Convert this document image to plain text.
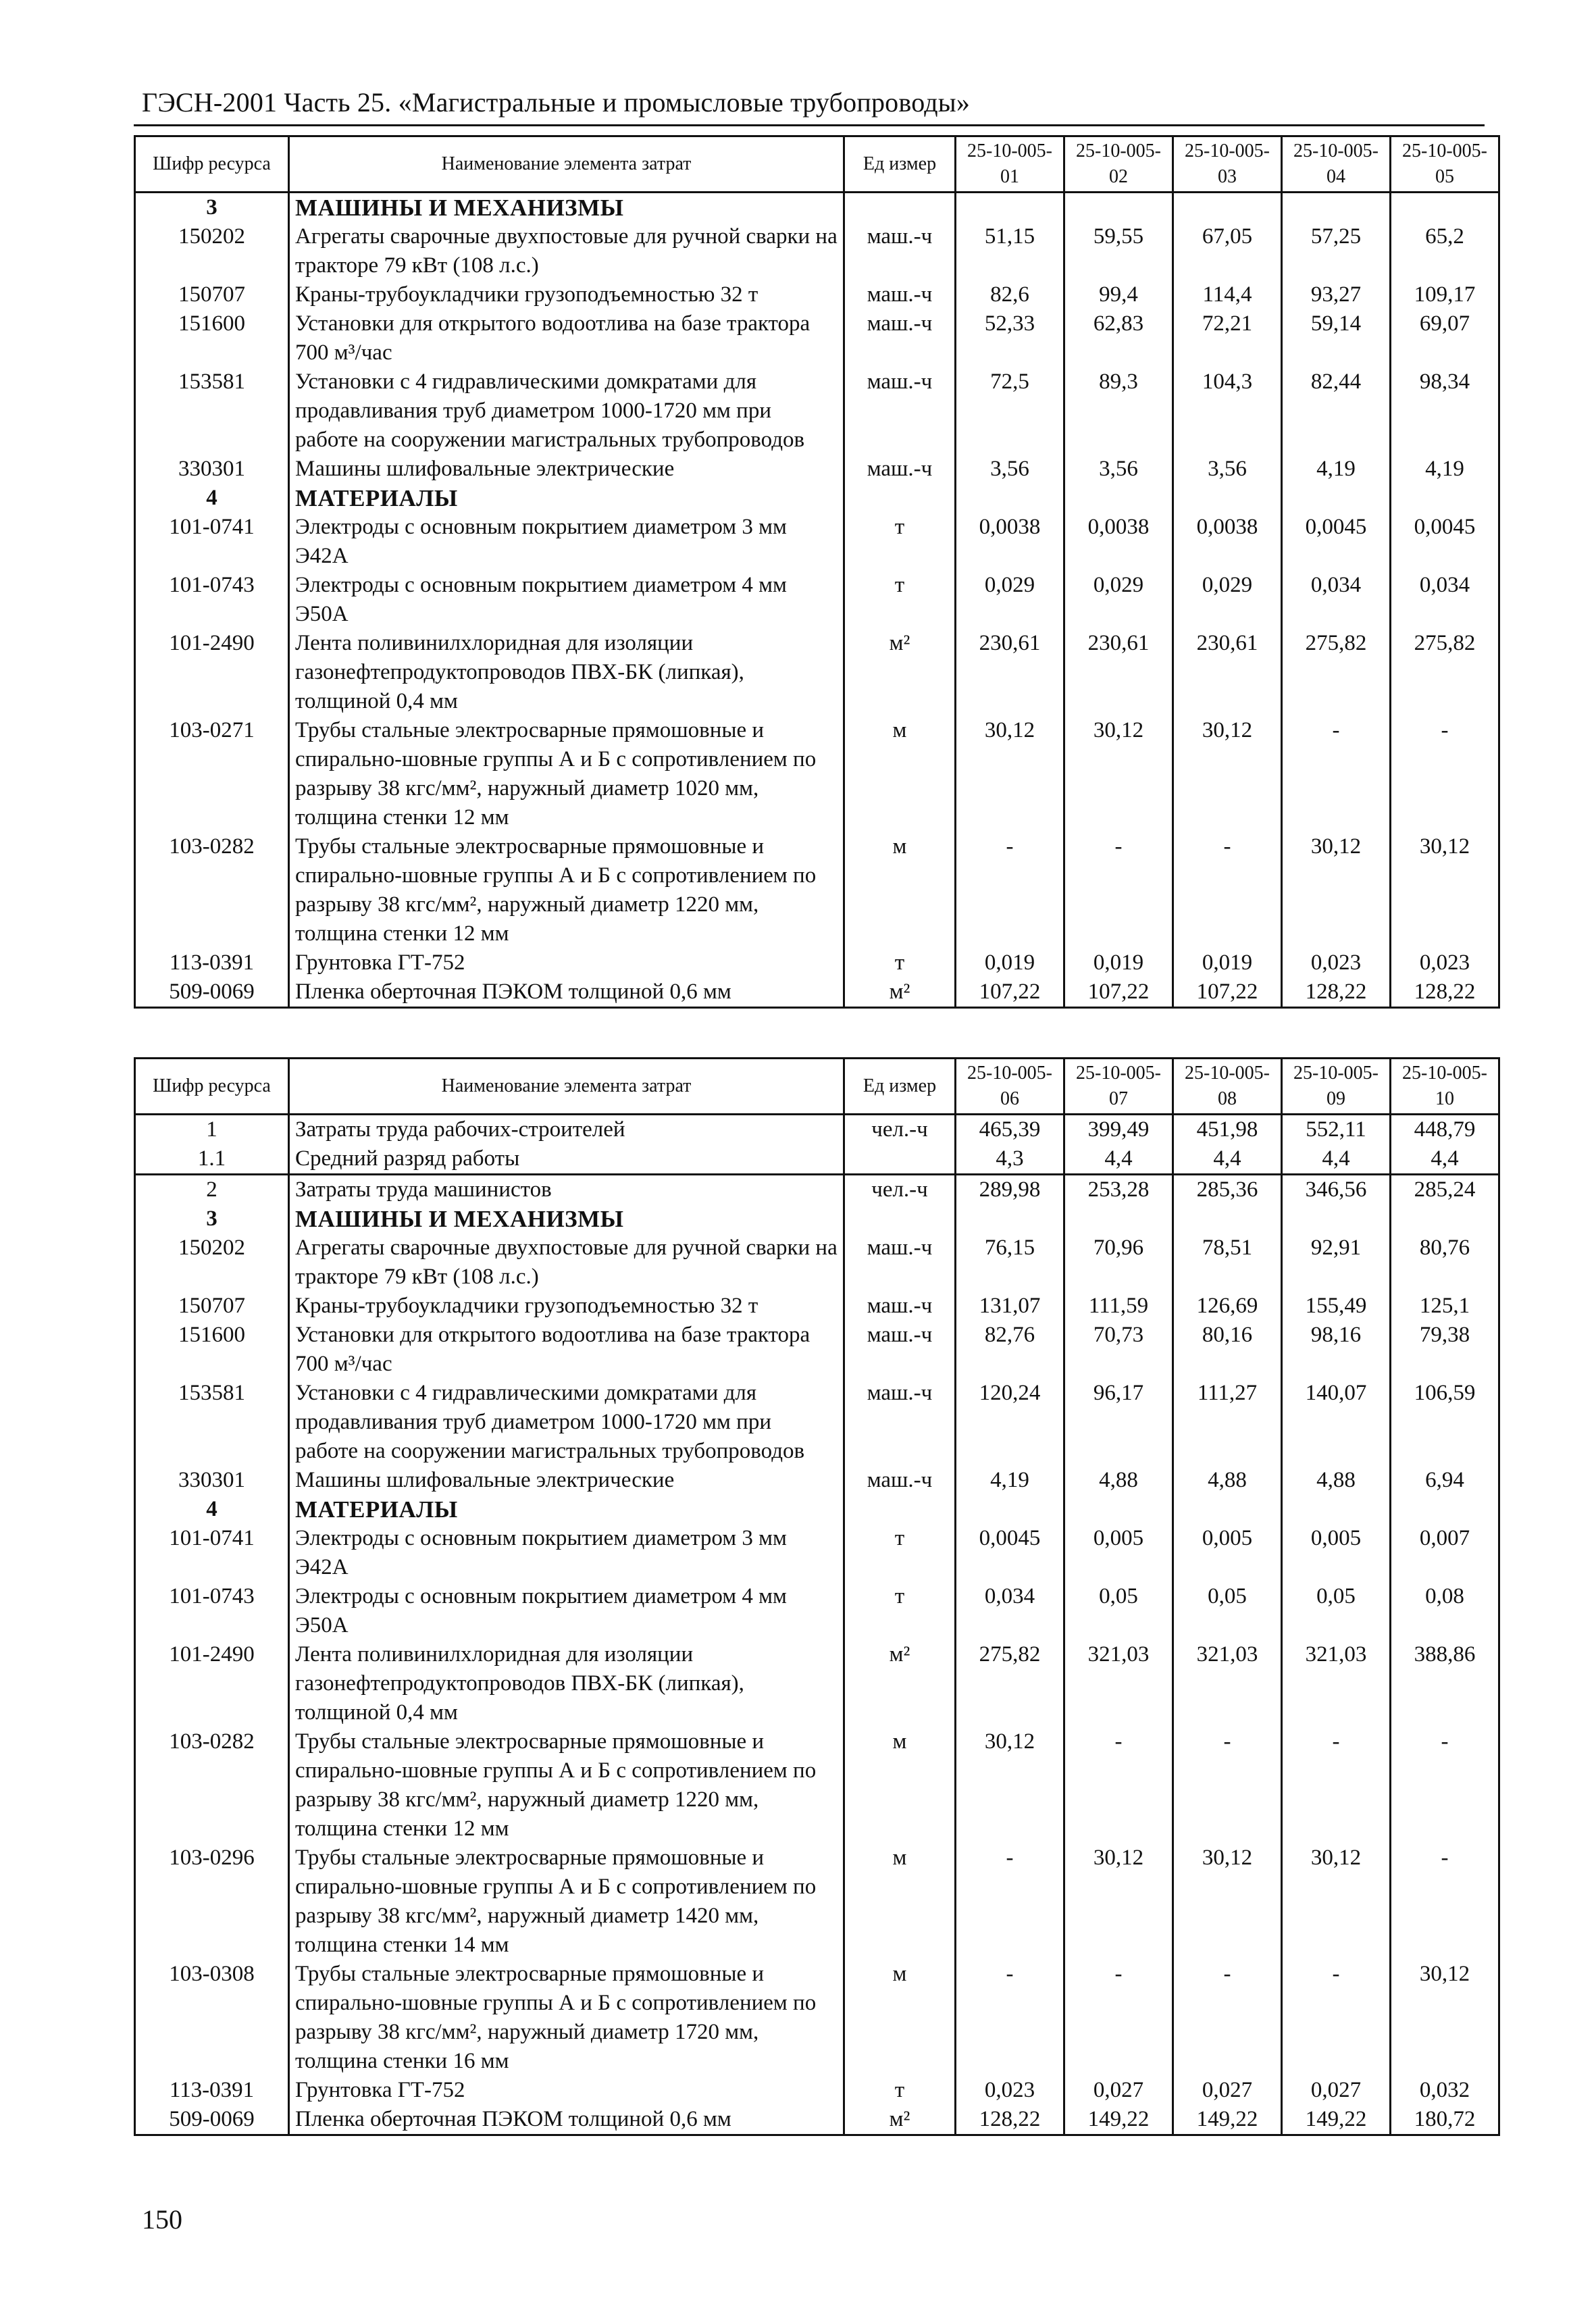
ГЭСН-2001 Часть 25. «Магистральные и промысловые трубопроводы»
Шифр ресурса	Наименование элемента затрат	Ед измер	25-10-005-01	25-10-005-02	25-10-005-03	25-10-005-04	25-10-005-05
3	МАШИНЫ И МЕХАНИЗМЫ						
150202	Агрегаты сварочные двухпостовые для ручной сварки на тракторе 79 кВт (108 л.с.)	маш.-ч	51,15	59,55	67,05	57,25	65,2
150707	Краны-трубоукладчики грузоподъемностью 32 т	маш.-ч	82,6	99,4	114,4	93,27	109,17
151600	Установки для открытого водоотлива на базе трактора 700 м³/час	маш.-ч	52,33	62,83	72,21	59,14	69,07
153581	Установки с 4 гидравлическими домкратами для продавливания труб диаметром 1000-1720 мм при работе на сооружении магистральных трубопроводов	маш.-ч	72,5	89,3	104,3	82,44	98,34
330301	Машины шлифовальные электрические	маш.-ч	3,56	3,56	3,56	4,19	4,19
4	МАТЕРИАЛЫ						
101-0741	Электроды с основным покрытием диаметром 3 мм Э42А	т	0,0038	0,0038	0,0038	0,0045	0,0045
101-0743	Электроды с основным покрытием диаметром 4 мм Э50А	т	0,029	0,029	0,029	0,034	0,034
101-2490	Лента поливинилхлоридная для изоляции газонефтепродуктопроводов ПВХ-БК (липкая), толщиной 0,4 мм	м²	230,61	230,61	230,61	275,82	275,82
103-0271	Трубы стальные электросварные прямошовные и спирально-шовные группы А и Б с сопротивлением по разрыву 38 кгс/мм², наружный диаметр 1020 мм, толщина стенки 12 мм	м	30,12	30,12	30,12	-	-
103-0282	Трубы стальные электросварные прямошовные и спирально-шовные группы А и Б с сопротивлением по разрыву 38 кгс/мм², наружный диаметр 1220 мм, толщина стенки 12 мм	м	-	-	-	30,12	30,12
113-0391	Грунтовка ГТ-752	т	0,019	0,019	0,019	0,023	0,023
509-0069	Пленка оберточная ПЭКОМ толщиной 0,6 мм	м²	107,22	107,22	107,22	128,22	128,22
Шифр ресурса	Наименование элемента затрат	Ед измер	25-10-005-06	25-10-005-07	25-10-005-08	25-10-005-09	25-10-005-10
1	Затраты труда рабочих-строителей	чел.-ч	465,39	399,49	451,98	552,11	448,79
1.1	Средний разряд работы		4,3	4,4	4,4	4,4	4,4
2	Затраты труда машинистов	чел.-ч	289,98	253,28	285,36	346,56	285,24
3	МАШИНЫ И МЕХАНИЗМЫ						
150202	Агрегаты сварочные двухпостовые для ручной сварки на тракторе 79 кВт (108 л.с.)	маш.-ч	76,15	70,96	78,51	92,91	80,76
150707	Краны-трубоукладчики грузоподъемностью 32 т	маш.-ч	131,07	111,59	126,69	155,49	125,1
151600	Установки для открытого водоотлива на базе трактора 700 м³/час	маш.-ч	82,76	70,73	80,16	98,16	79,38
153581	Установки с 4 гидравлическими домкратами для продавливания труб диаметром 1000-1720 мм при работе на сооружении магистральных трубопроводов	маш.-ч	120,24	96,17	111,27	140,07	106,59
330301	Машины шлифовальные электрические	маш.-ч	4,19	4,88	4,88	4,88	6,94
4	МАТЕРИАЛЫ						
101-0741	Электроды с основным покрытием диаметром 3 мм Э42А	т	0,0045	0,005	0,005	0,005	0,007
101-0743	Электроды с основным покрытием диаметром 4 мм Э50А	т	0,034	0,05	0,05	0,05	0,08
101-2490	Лента поливинилхлоридная для изоляции газонефтепродуктопроводов ПВХ-БК (липкая), толщиной 0,4 мм	м²	275,82	321,03	321,03	321,03	388,86
103-0282	Трубы стальные электросварные прямошовные и спирально-шовные группы А и Б с сопротивлением по разрыву 38 кгс/мм², наружный диаметр 1220 мм, толщина стенки 12 мм	м	30,12	-	-	-	-
103-0296	Трубы стальные электросварные прямошовные и спирально-шовные группы А и Б с сопротивлением по разрыву 38 кгс/мм², наружный диаметр 1420 мм, толщина стенки 14 мм	м	-	30,12	30,12	30,12	-
103-0308	Трубы стальные электросварные прямошовные и спирально-шовные группы А и Б с сопротивлением по разрыву 38 кгс/мм², наружный диаметр 1720 мм, толщина стенки 16 мм	м	-	-	-	-	30,12
113-0391	Грунтовка ГТ-752	т	0,023	0,027	0,027	0,027	0,032
509-0069	Пленка оберточная ПЭКОМ толщиной 0,6 мм	м²	128,22	149,22	149,22	149,22	180,72
150
